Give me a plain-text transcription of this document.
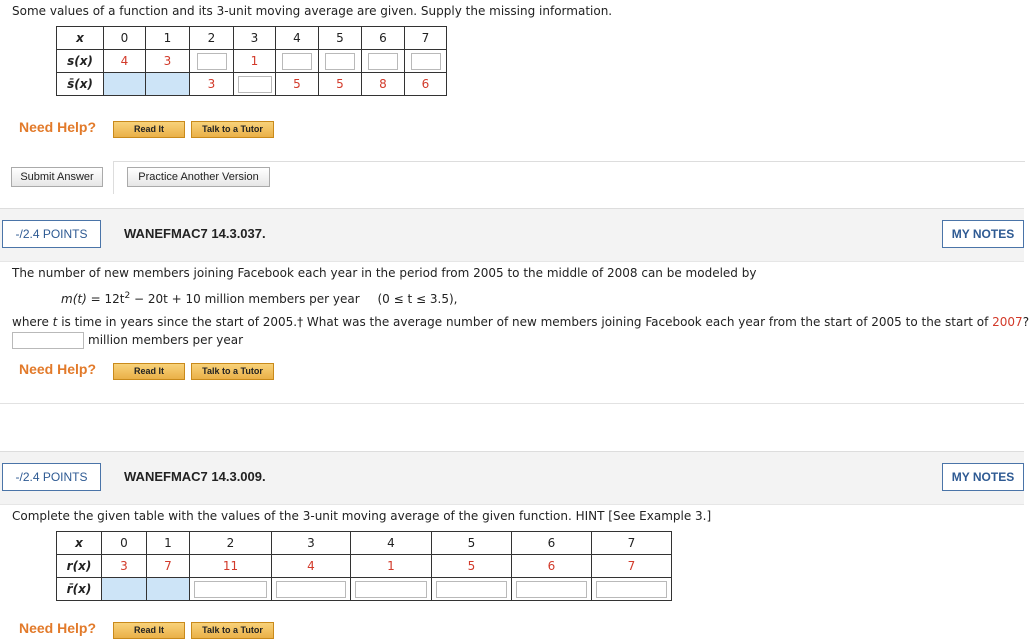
Some values of a function and its 3-unit moving average are given. Supply the missing information.
x	0	1	2	3	4	5	6	7
s(x)	4	3		1				
s̄(x)			3		5	5	8	6
Need Help?	Read It	Talk to a Tutor
Submit Answer	Practice Another Version
-/2.4 POINTS	WANEFMAC7 14.3.037.	MY NOTES
The number of new members joining Facebook each year in the period from 2005 to the middle of 2008 can be modeled by
$m(t) = 12t^2 - 20t + 10$ million members per year (0 ≤ t ≤ 3.5),
where t is time in years since the start of 2005.† What was the average number of new members joining Facebook each year from the start of 2005 to the start of 2007?
million members per year
Need Help?	Read It	Talk to a Tutor
-/2.4 POINTS	WANEFMAC7 14.3.009.	MY NOTES
Complete the given table with the values of the 3-unit moving average of the given function. HINT [See Example 3.]
x	0	1	2	3	4	5	6	7
r(x)	3	7	11	4	1	5	6	7
r̄(x)								
Need Help?	Read It	Talk to a Tutor
